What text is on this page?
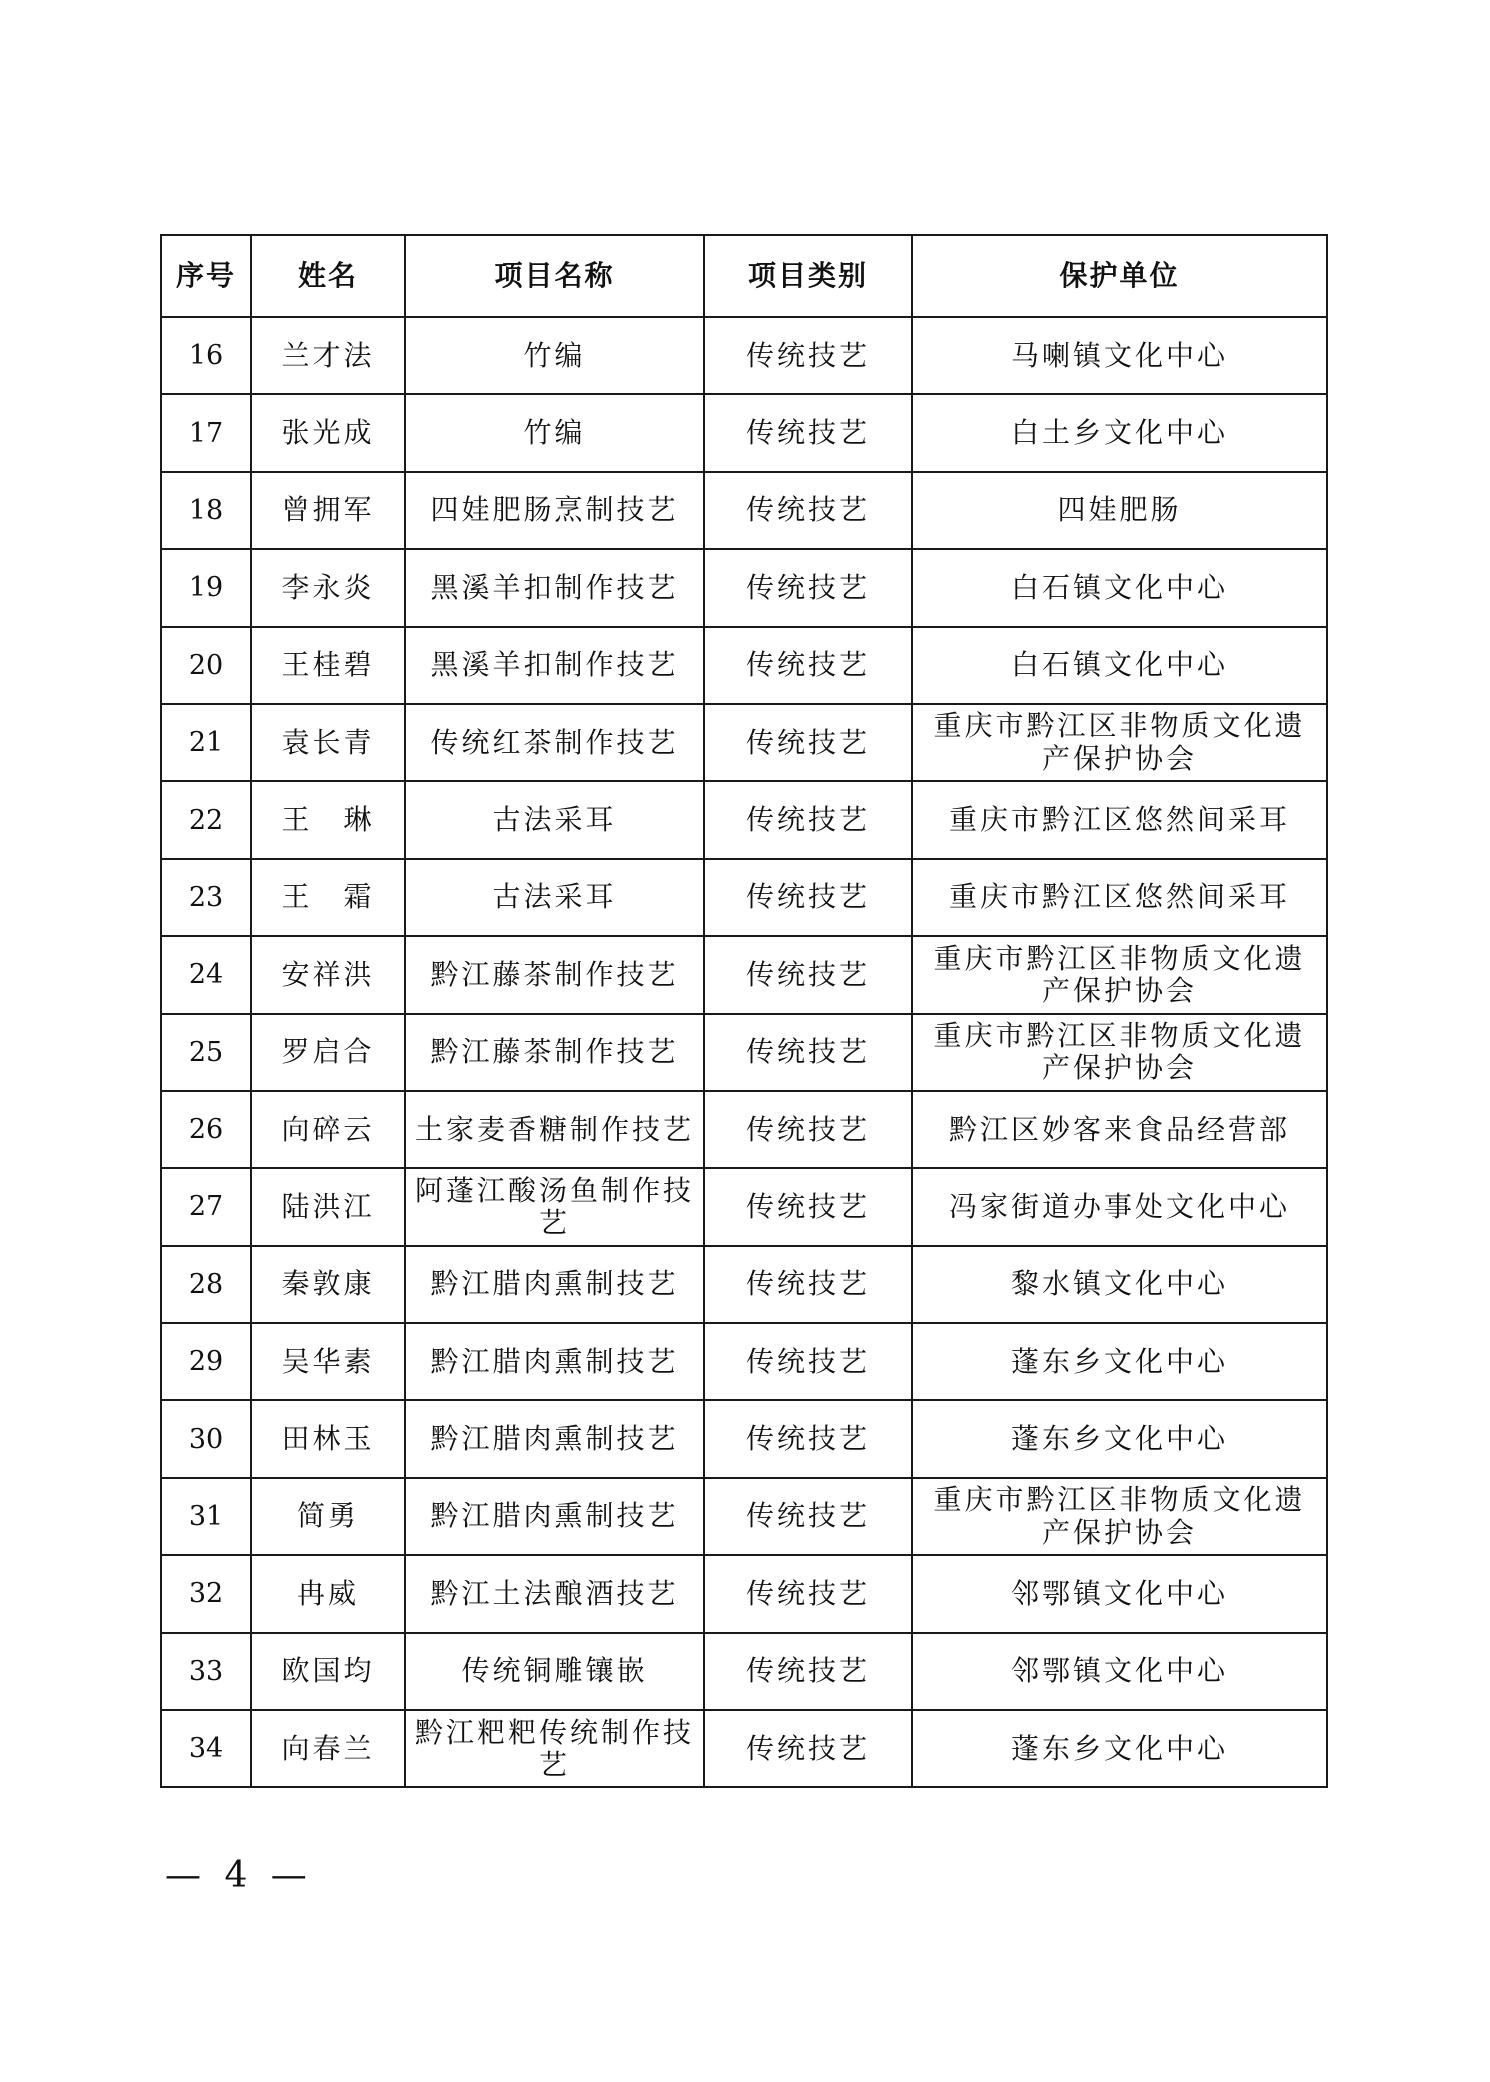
序号	姓名	项目名称	项目类别	保护单位
16	兰才法	竹编	传统技艺	马喇镇文化中心
17	张光成	竹编	传统技艺	白土乡文化中心
18	曾拥军	四娃肥肠烹制技艺	传统技艺	四娃肥肠
19	李永炎	黑溪羊扣制作技艺	传统技艺	白石镇文化中心
20	王桂碧	黑溪羊扣制作技艺	传统技艺	白石镇文化中心
21	袁长青	传统红茶制作技艺	传统技艺	重庆市黔江区非物质文化遗产保护协会
22	王　琳	古法采耳	传统技艺	重庆市黔江区悠然间采耳
23	王　霜	古法采耳	传统技艺	重庆市黔江区悠然间采耳
24	安祥洪	黔江藤茶制作技艺	传统技艺	重庆市黔江区非物质文化遗产保护协会
25	罗启合	黔江藤茶制作技艺	传统技艺	重庆市黔江区非物质文化遗产保护协会
26	向碎云	土家麦香糖制作技艺	传统技艺	黔江区妙客来食品经营部
27	陆洪江	阿蓬江酸汤鱼制作技艺	传统技艺	冯家街道办事处文化中心
28	秦敦康	黔江腊肉熏制技艺	传统技艺	黎水镇文化中心
29	吴华素	黔江腊肉熏制技艺	传统技艺	蓬东乡文化中心
30	田林玉	黔江腊肉熏制技艺	传统技艺	蓬东乡文化中心
31	简勇	黔江腊肉熏制技艺	传统技艺	重庆市黔江区非物质文化遗产保护协会
32	冉威	黔江土法酿酒技艺	传统技艺	邻鄂镇文化中心
33	欧国均	传统铜雕镶嵌	传统技艺	邻鄂镇文化中心
34	向春兰	黔江粑粑传统制作技艺	传统技艺	蓬东乡文化中心
— 4 —
